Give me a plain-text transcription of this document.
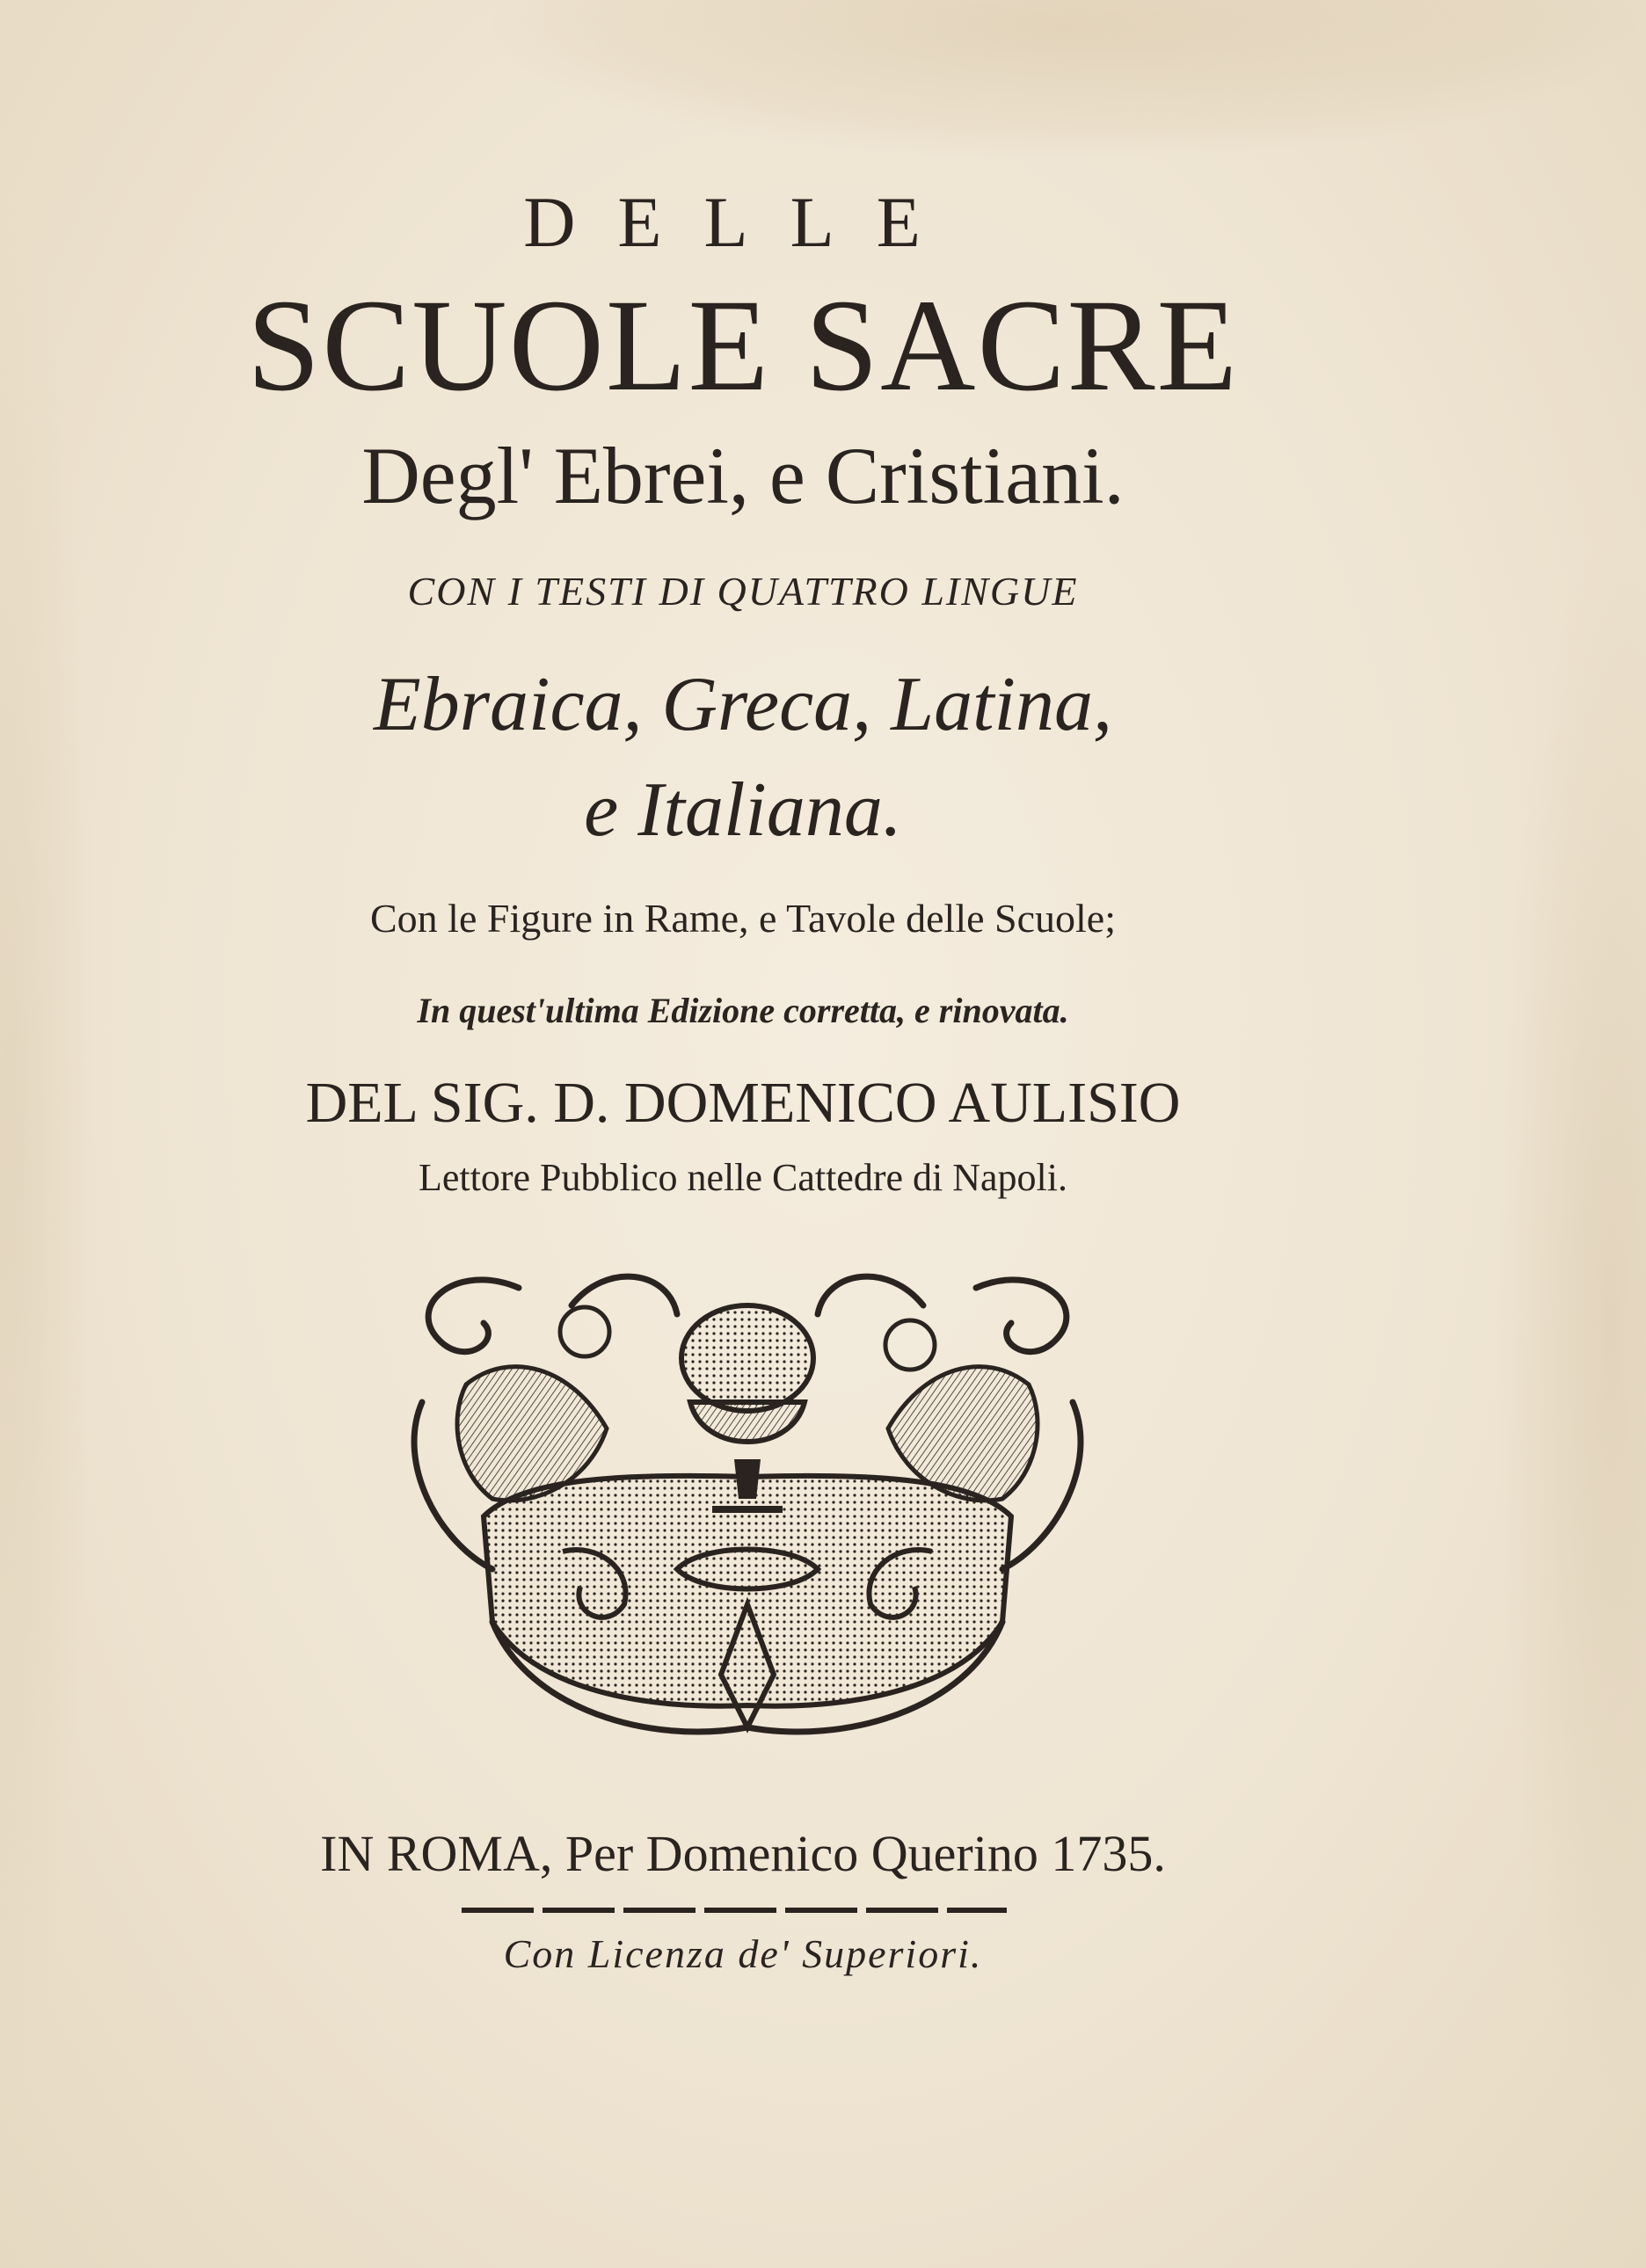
DELLE
SCUOLE SACRE
Degl' Ebrei, e Cristiani.
CON I TESTI DI QUATTRO LINGUE
Ebraica, Greca, Latina,
e Italiana.
Con le Figure in Rame, e Tavole delle Scuole;
In quest'ultima Edizione corretta, e rinovata.
DEL SIG. D. DOMENICO AULISIO
Lettore Pubblico nelle Cattedre di Napoli.
IN ROMA, Per Domenico Querino 1735.
Con Licenza de' Superiori.
